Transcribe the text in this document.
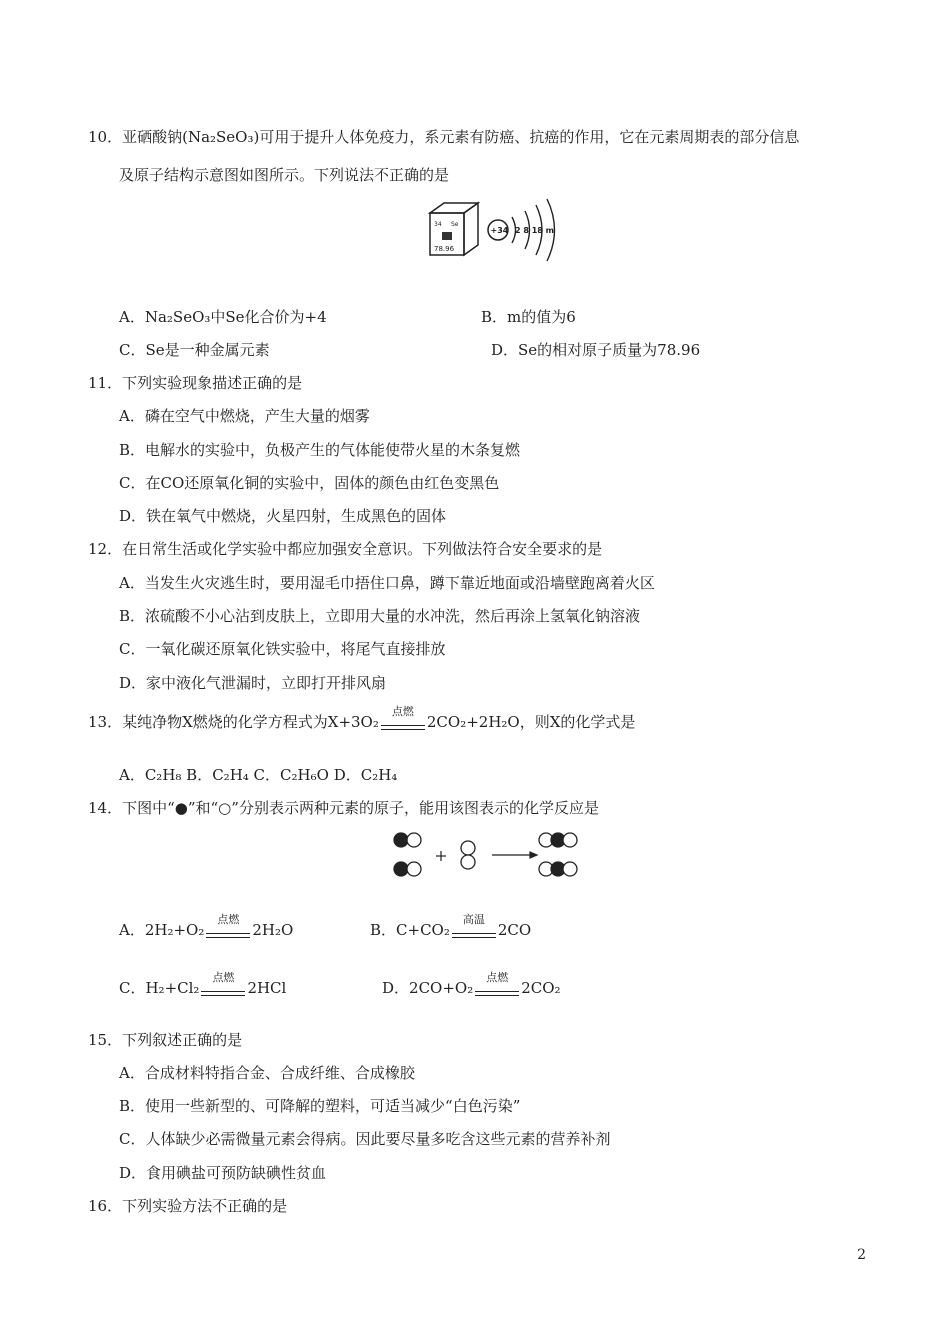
10．亚硒酸钠(Na₂SeO₃)可用于提升人体免疫力，系元素有防癌、抗癌的作用，它在元素周期表的部分信息
及原子结构示意图如图所示。下列说法不正确的是
34 Se
78.96
+34 2 8 18 m
A．Na₂SeO₃中Se化合价为+4	B．m的值为6
C．Se是一种金属元素	D．Se的相对原子质量为78.96
11．下列实验现象描述正确的是
A．磷在空气中燃烧，产生大量的烟雾
B．电解水的实验中，负极产生的气体能使带火星的木条复燃
C．在CO还原氧化铜的实验中，固体的颜色由红色变黑色
D．铁在氧气中燃烧，火星四射，生成黑色的固体
12．在日常生活或化学实验中都应加强安全意识。下列做法符合安全要求的是
A．当发生火灾逃生时，要用湿毛巾捂住口鼻，蹲下靠近地面或沿墙壁跑离着火区
B．浓硫酸不小心沾到皮肤上，立即用大量的水冲洗，然后再涂上氢氧化钠溶液
C．一氧化碳还原氧化铁实验中，将尾气直接排放
D．家中液化气泄漏时，立即打开排风扇
13．某纯净物X燃烧的化学方程式为X+3O₂
点燃
2CO₂+2H₂O，则X的化学式是
A．C₂H₈ B．C₂H₄ C．C₂H₆O D．C₂H₄
14．下图中“●”和“○”分别表示两种元素的原子，能用该图表示的化学反应是
A．2H₂+O₂
点燃
2H₂O	B．C+CO₂
高温
2CO
C．H₂+Cl₂
点燃
2HCl	D．2CO+O₂
点燃
2CO₂
15．下列叙述正确的是
A．合成材料特指合金、合成纤维、合成橡胶
B．使用一些新型的、可降解的塑料，可适当减少“白色污染”
C．人体缺少必需微量元素会得病。因此要尽量多吃含这些元素的营养补剂
D．食用碘盐可预防缺碘性贫血
16．下列实验方法不正确的是
2
